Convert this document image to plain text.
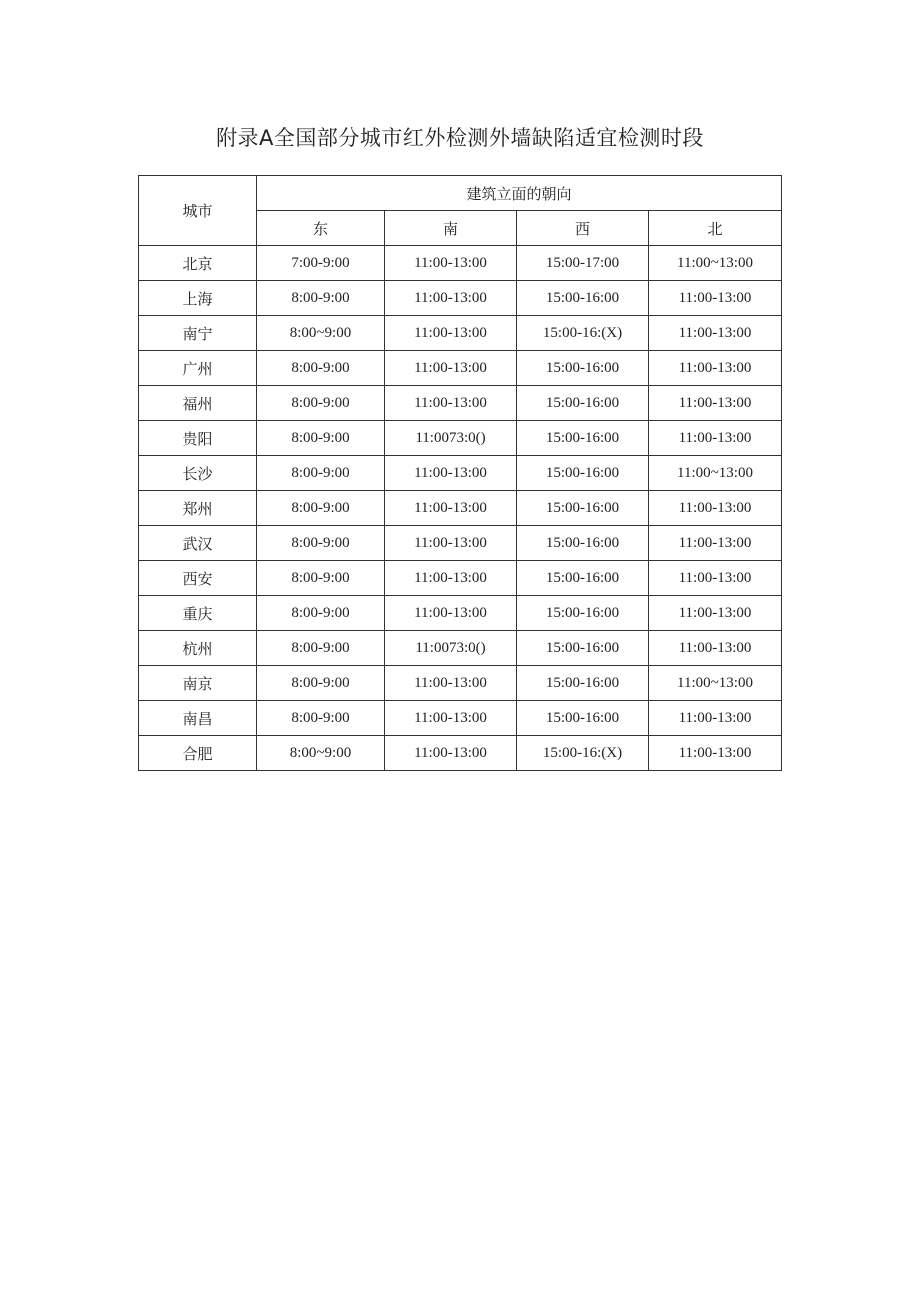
附录A全国部分城市红外检测外墙缺陷适宜检测时段
城市	建筑立面的朝向			
	东	南	西	北
北京	7:00-9:00	11:00-13:00	15:00-17:00	11:00~13:00
上海	8:00-9:00	11:00-13:00	15:00-16:00	11:00-13:00
南宁	8:00~9:00	11:00-13:00	15:00-16:(X)	11:00-13:00
广州	8:00-9:00	11:00-13:00	15:00-16:00	11:00-13:00
福州	8:00-9:00	11:00-13:00	15:00-16:00	11:00-13:00
贵阳	8:00-9:00	11:0073:0()	15:00-16:00	11:00-13:00
长沙	8:00-9:00	11:00-13:00	15:00-16:00	11:00~13:00
郑州	8:00-9:00	11:00-13:00	15:00-16:00	11:00-13:00
武汉	8:00-9:00	11:00-13:00	15:00-16:00	11:00-13:00
西安	8:00-9:00	11:00-13:00	15:00-16:00	11:00-13:00
重庆	8:00-9:00	11:00-13:00	15:00-16:00	11:00-13:00
杭州	8:00-9:00	11:0073:0()	15:00-16:00	11:00-13:00
南京	8:00-9:00	11:00-13:00	15:00-16:00	11:00~13:00
南昌	8:00-9:00	11:00-13:00	15:00-16:00	11:00-13:00
合肥	8:00~9:00	11:00-13:00	15:00-16:(X)	11:00-13:00
